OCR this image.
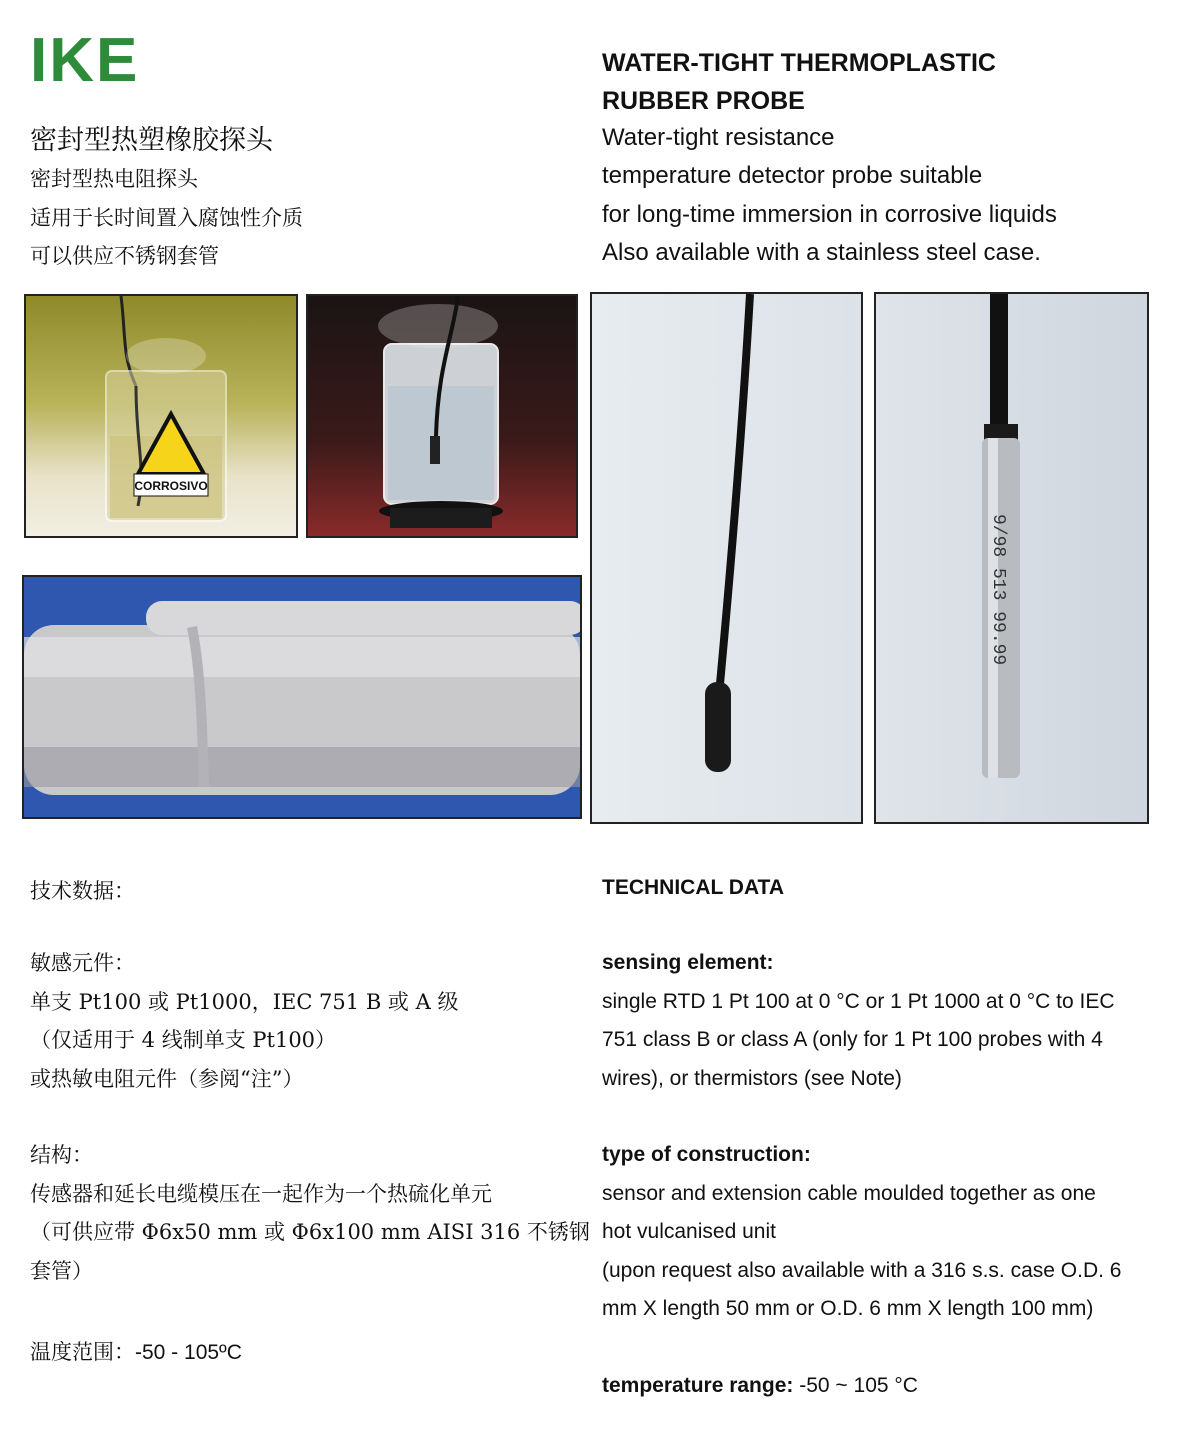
IKE
密封型热塑橡胶探头
密封型热电阻探头
适用于长时间置入腐蚀性介质
可以供应不锈钢套管
WATER-TIGHT THERMOPLASTIC
RUBBER PROBE
Water-tight resistance
temperature detector probe suitable
for long-time immersion in corrosive liquids
Also available with a stainless steel case.
CORROSIVO
9/98 513 99.99
技术数据：
敏感元件：
单支 Pt100 或 Pt1000，IEC 751 B 或 A 级
（仅适用于 4 线制单支 Pt100）
或热敏电阻元件（参阅“注”）
结构：
传感器和延长电缆模压在一起作为一个热硫化单元
（可供应带 Φ6x50 mm 或 Φ6x100 mm AISI 316 不锈钢
套管）
温度范围：-50 - 105ºC
TECHNICAL DATA
sensing element:
single RTD 1 Pt 100 at 0 °C or 1 Pt 1000 at 0 °C to IEC
751 class B or class A (only for 1 Pt 100 probes with 4
wires), or thermistors (see Note)
type of construction:
sensor and extension cable moulded together as one
hot vulcanised unit
(upon request also available with a 316 s.s. case O.D. 6
mm X length 50 mm or O.D. 6 mm X length 100 mm)
temperature range: -50 ~ 105 °C
